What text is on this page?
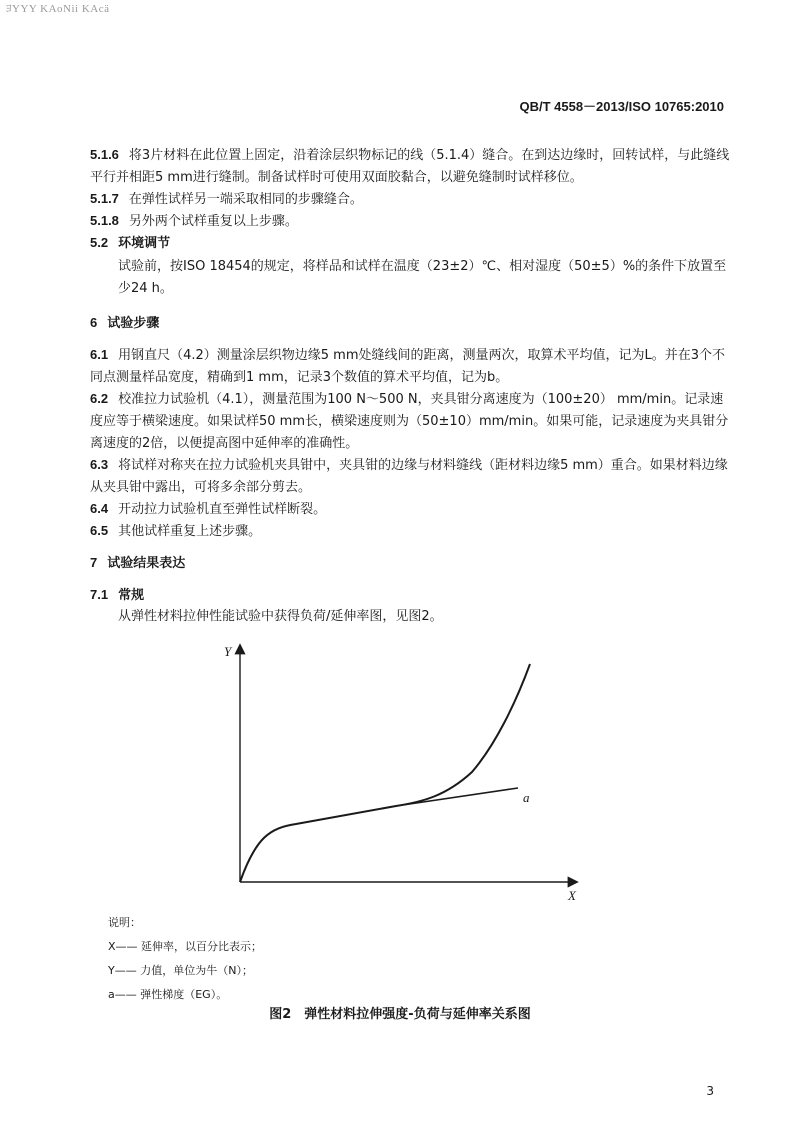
ﾖYYY KAoNii KAcä
QB/T 4558－2013/ISO 10765:2010
5.1.6 将3片材料在此位置上固定，沿着涂层织物标记的线（5.1.4）缝合。在到达边缘时，回转试样，与此缝线平行并相距5 mm进行缝制。制备试样时可使用双面胶黏合，以避免缝制时试样移位。
5.1.7 在弹性试样另一端采取相同的步骤缝合。
5.1.8 另外两个试样重复以上步骤。
5.2 环境调节
试验前，按ISO 18454的规定，将样品和试样在温度（23±2）℃、相对湿度（50±5）%的条件下放置至少24 h。
6 试验步骤
6.1 用钢直尺（4.2）测量涂层织物边缘5 mm处缝线间的距离，测量两次，取算术平均值，记为L。并在3个不同点测量样品宽度，精确到1 mm，记录3个数值的算术平均值，记为b。
6.2 校准拉力试验机（4.1），测量范围为100 N～500 N，夹具钳分离速度为（100±20） mm/min。记录速度应等于横梁速度。如果试样50 mm长，横梁速度则为（50±10）mm/min。如果可能，记录速度为夹具钳分离速度的2倍，以便提高图中延伸率的准确性。
6.3 将试样对称夹在拉力试验机夹具钳中，夹具钳的边缘与材料缝线（距材料边缘5 mm）重合。如果材料边缘从夹具钳中露出，可将多余部分剪去。
6.4 开动拉力试验机直至弹性试样断裂。
6.5 其他试样重复上述步骤。
7 试验结果表达
7.1 常规
从弹性材料拉伸性能试验中获得负荷/延伸率图，见图2。
Y
X
a
说明：
X—— 延伸率，以百分比表示；
Y—— 力值，单位为牛（N）；
a—— 弹性梯度（EG）。
图2　弹性材料拉伸强度-负荷与延伸率关系图
3
